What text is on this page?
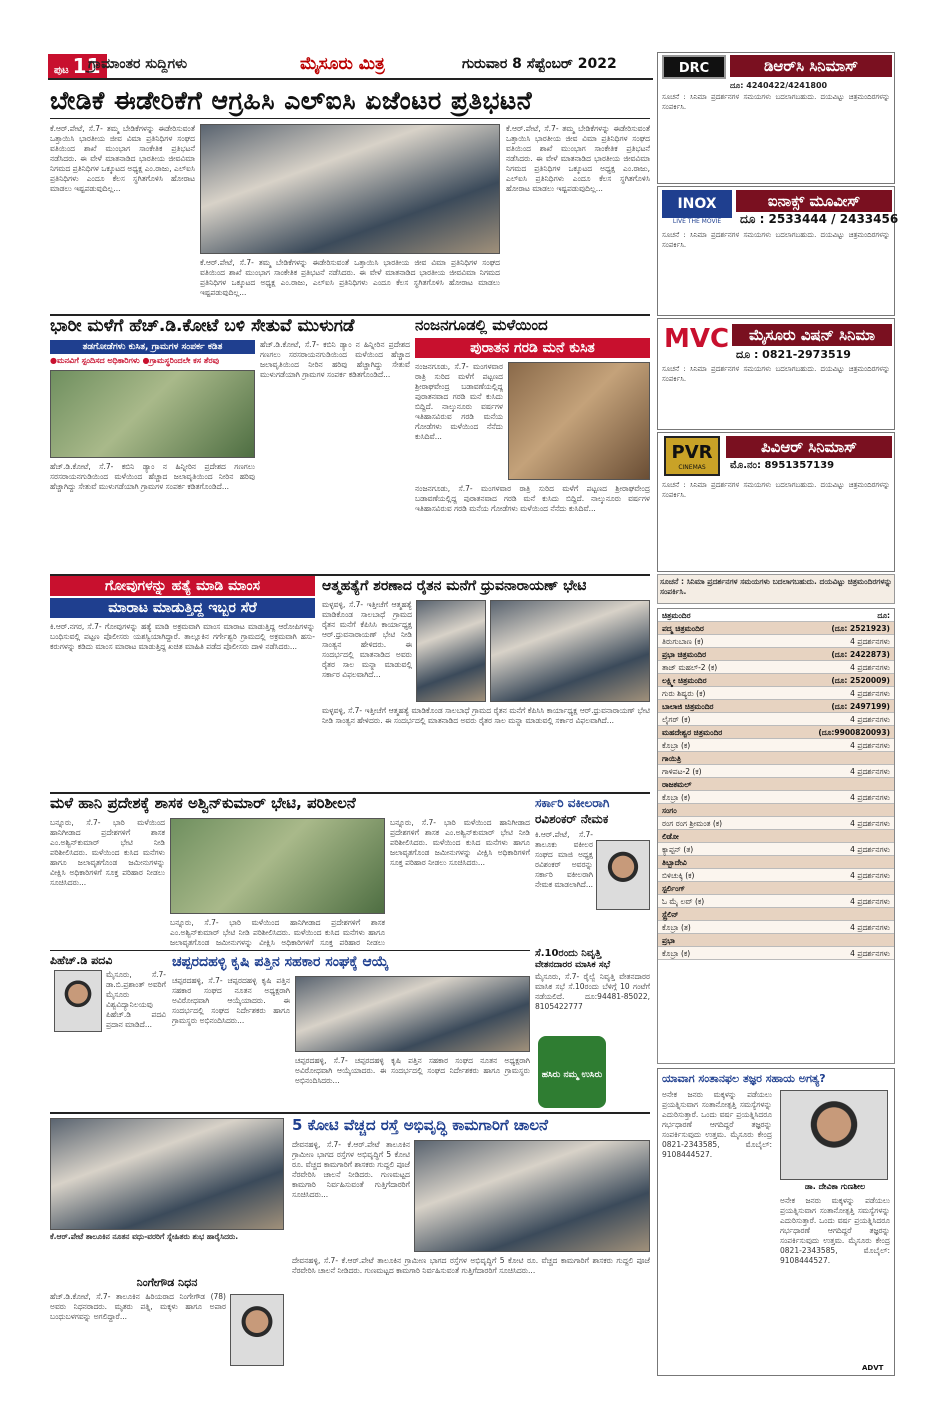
ಪುಟ 11
ಗ್ರಾಮಾಂತರ ಸುದ್ದಿಗಳು	ಮೈಸೂರು ಮಿತ್ರ	ಗುರುವಾರ 8 ಸೆಪ್ಟೆಂಬರ್ 2022
ಬೇಡಿಕೆ ಈಡೇರಿಕೆಗೆ ಆಗ್ರಹಿಸಿ ಎಲ್‌ಐಸಿ ಏಜೆಂಟರ ಪ್ರತಿಭಟನೆ
ಕೆ.ಆರ್.ಪೇಟೆ, ಸೆ.7- ತಮ್ಮ ಬೇಡಿಕೆಗಳನ್ನು ಈಡೇರಿಸುವಂತೆ ಒತ್ತಾಯಿಸಿ ಭಾರತೀಯ ಜೀವ ವಿಮಾ ಪ್ರತಿನಿಧಿಗಳ ಸಂಘದ ವತಿಯಿಂದ ಶಾಖೆ ಮುಂಭಾಗ ಸಾಂಕೇತಿಕ ಪ್ರತಿಭಟನೆ ನಡೆಸಿದರು. ಈ ವೇಳೆ ಮಾತನಾಡಿದ ಭಾರತೀಯ ಜೀವವಿಮಾ ನಿಗಮದ ಪ್ರತಿನಿಧಿಗಳ ಒಕ್ಕೂಟದ ಅಧ್ಯಕ್ಷ ಎಂ.ರಾಜು, ಎಲ್‌ಐಸಿ ಪ್ರತಿನಿಧಿಗಳು ಎಂದೂ ಕೆಲಸ ಸ್ಥಗಿತಗೊಳಿಸಿ ಹೋರಾಟ ಮಾಡಲು ಇಷ್ಟಪಡುವುದಿಲ್ಲ...
ಕೆ.ಆರ್.ಪೇಟೆ, ಸೆ.7- ತಮ್ಮ ಬೇಡಿಕೆಗಳನ್ನು ಈಡೇರಿಸುವಂತೆ ಒತ್ತಾಯಿಸಿ ಭಾರತೀಯ ಜೀವ ವಿಮಾ ಪ್ರತಿನಿಧಿಗಳ ಸಂಘದ ವತಿಯಿಂದ ಶಾಖೆ ಮುಂಭಾಗ ಸಾಂಕೇತಿಕ ಪ್ರತಿಭಟನೆ ನಡೆಸಿದರು. ಈ ವೇಳೆ ಮಾತನಾಡಿದ ಭಾರತೀಯ ಜೀವವಿಮಾ ನಿಗಮದ ಪ್ರತಿನಿಧಿಗಳ ಒಕ್ಕೂಟದ ಅಧ್ಯಕ್ಷ ಎಂ.ರಾಜು, ಎಲ್‌ಐಸಿ ಪ್ರತಿನಿಧಿಗಳು ಎಂದೂ ಕೆಲಸ ಸ್ಥಗಿತಗೊಳಿಸಿ ಹೋರಾಟ ಮಾಡಲು ಇಷ್ಟಪಡುವುದಿಲ್ಲ...
ಕೆ.ಆರ್.ಪೇಟೆ, ಸೆ.7- ತಮ್ಮ ಬೇಡಿಕೆಗಳನ್ನು ಈಡೇರಿಸುವಂತೆ ಒತ್ತಾಯಿಸಿ ಭಾರತೀಯ ಜೀವ ವಿಮಾ ಪ್ರತಿನಿಧಿಗಳ ಸಂಘದ ವತಿಯಿಂದ ಶಾಖೆ ಮುಂಭಾಗ ಸಾಂಕೇತಿಕ ಪ್ರತಿಭಟನೆ ನಡೆಸಿದರು. ಈ ವೇಳೆ ಮಾತನಾಡಿದ ಭಾರತೀಯ ಜೀವವಿಮಾ ನಿಗಮದ ಪ್ರತಿನಿಧಿಗಳ ಒಕ್ಕೂಟದ ಅಧ್ಯಕ್ಷ ಎಂ.ರಾಜು, ಎಲ್‌ಐಸಿ ಪ್ರತಿನಿಧಿಗಳು ಎಂದೂ ಕೆಲಸ ಸ್ಥಗಿತಗೊಳಿಸಿ ಹೋರಾಟ ಮಾಡಲು ಇಷ್ಟಪಡುವುದಿಲ್ಲ...
ಭಾರೀ ಮಳೆಗೆ ಹೆಚ್.ಡಿ.ಕೋಟೆ ಬಳಿ ಸೇತುವೆ ಮುಳುಗಡೆ
ತಡಗೋಡೆಗಳು ಕುಸಿತ, ಗ್ರಾಮಗಳ ಸಂಪರ್ಕ ಕಡಿತ
●ಮನವಿಗೆ ಸ್ಪಂದಿಸದ ಅಧಿಕಾರಿಗಳು ●ಗ್ರಾಮಸ್ಥರಿಂದಲೇ ಕಸ ತೆರವು
ಹೆಚ್.ಡಿ.ಕೋಟೆ, ಸೆ.7- ಕಬಿನಿ ಡ್ಯಾಂ ನ ಹಿನ್ನೀರಿನ ಪ್ರದೇಶದ ಗಣಗಲು ಸರಸರಾಯನಗುಡಿಯಿಂದ ಮಳೆಯಿಂದ ಹೆಚ್ಚಾದ ಜಲಾವೃತಿಯಿಂದ ನೀರಿನ ಹರಿವು ಹೆಚ್ಚಾಗಿದ್ದು ಸೇತುವೆ ಮುಳುಗಡೆಯಾಗಿ ಗ್ರಾಮಗಳ ಸಂಪರ್ಕ ಕಡಿತಗೊಂಡಿದೆ...
ಹೆಚ್.ಡಿ.ಕೋಟೆ, ಸೆ.7- ಕಬಿನಿ ಡ್ಯಾಂ ನ ಹಿನ್ನೀರಿನ ಪ್ರದೇಶದ ಗಣಗಲು ಸರಸರಾಯನಗುಡಿಯಿಂದ ಮಳೆಯಿಂದ ಹೆಚ್ಚಾದ ಜಲಾವೃತಿಯಿಂದ ನೀರಿನ ಹರಿವು ಹೆಚ್ಚಾಗಿದ್ದು ಸೇತುವೆ ಮುಳುಗಡೆಯಾಗಿ ಗ್ರಾಮಗಳ ಸಂಪರ್ಕ ಕಡಿತಗೊಂಡಿದೆ...
ನಂಜನಗೂಡಲ್ಲಿ ಮಳೆಯಿಂದ
ಪುರಾತನ ಗರಡಿ ಮನೆ ಕುಸಿತ
ನಂಜನಗೂಡು, ಸೆ.7- ಮಂಗಳವಾರ ರಾತ್ರಿ ಸುರಿದ ಮಳೆಗೆ ಪಟ್ಟಣದ ಶ್ರೀರಾಘವೇಂದ್ರ ಬಡಾವಣೆಯಲ್ಲಿದ್ದ ಪುರಾತನವಾದ ಗರಡಿ ಮನೆ ಕುಸಿದು ಬಿದ್ದಿದೆ. ನಾಲ್ಕುನೂರು ವರ್ಷಗಳ ಇತಿಹಾಸವಿರುವ ಗರಡಿ ಮನೆಯ ಗೋಡೆಗಳು ಮಳೆಯಿಂದ ನೆನೆದು ಕುಸಿದಿವೆ...
ನಂಜನಗೂಡು, ಸೆ.7- ಮಂಗಳವಾರ ರಾತ್ರಿ ಸುರಿದ ಮಳೆಗೆ ಪಟ್ಟಣದ ಶ್ರೀರಾಘವೇಂದ್ರ ಬಡಾವಣೆಯಲ್ಲಿದ್ದ ಪುರಾತನವಾದ ಗರಡಿ ಮನೆ ಕುಸಿದು ಬಿದ್ದಿದೆ. ನಾಲ್ಕುನೂರು ವರ್ಷಗಳ ಇತಿಹಾಸವಿರುವ ಗರಡಿ ಮನೆಯ ಗೋಡೆಗಳು ಮಳೆಯಿಂದ ನೆನೆದು ಕುಸಿದಿವೆ...
ಗೋವುಗಳನ್ನು ಹತ್ಯೆ ಮಾಡಿ ಮಾಂಸ
ಮಾರಾಟ ಮಾಡುತ್ತಿದ್ದ ಇಬ್ಬರ ಸೆರೆ
ಕಿ.ಆರ್.ನಗರ, ಸೆ.7- ಗೋವುಗಳನ್ನು ಹತ್ಯೆ ಮಾಡಿ ಅಕ್ರಮವಾಗಿ ಮಾಂಸ ಮಾರಾಟ ಮಾಡುತ್ತಿದ್ದ ಆರೋಪಿಗಳನ್ನು ಬಂಧಿಸುವಲ್ಲಿ ಪಟ್ಟಣ ಪೊಲೀಸರು ಯಶಸ್ವಿಯಾಗಿದ್ದಾರೆ. ತಾಲ್ಲೂಕಿನ ಗರ್ಗೇಶ್ವರಿ ಗ್ರಾಮದಲ್ಲಿ ಅಕ್ರಮವಾಗಿ ಹಸು-ಕರುಗಳನ್ನು ಕಡಿದು ಮಾಂಸ ಮಾರಾಟ ಮಾಡುತ್ತಿದ್ದ ಖಚಿತ ಮಾಹಿತಿ ಪಡೆದ ಪೊಲೀಸರು ದಾಳಿ ನಡೆಸಿದರು...
ಆತ್ಮಹತ್ಯೆಗೆ ಶರಣಾದ ರೈತನ ಮನೆಗೆ ಧ್ರುವನಾರಾಯಣ್ ಭೇಟಿ
ಮಳ್ಳವಳ್ಳಿ, ಸೆ.7- ಇತ್ತೀಚೆಗೆ ಆತ್ಮಹತ್ಯೆ ಮಾಡಿಕೊಂಡ ಸಾಲಬಾಧೆ ಗ್ರಾಮದ ರೈತನ ಮನೆಗೆ ಕೆಪಿಸಿಸಿ ಕಾರ್ಯಾಧ್ಯಕ್ಷ ಆರ್.ಧ್ರುವನಾರಾಯಣ್ ಭೇಟಿ ನೀಡಿ ಸಾಂತ್ವನ ಹೇಳಿದರು. ಈ ಸಂದರ್ಭದಲ್ಲಿ ಮಾತನಾಡಿದ ಅವರು ರೈತರ ಸಾಲ ಮನ್ನಾ ಮಾಡುವಲ್ಲಿ ಸರ್ಕಾರ ವಿಫಲವಾಗಿದೆ...
ಮಳ್ಳವಳ್ಳಿ, ಸೆ.7- ಇತ್ತೀಚೆಗೆ ಆತ್ಮಹತ್ಯೆ ಮಾಡಿಕೊಂಡ ಸಾಲಬಾಧೆ ಗ್ರಾಮದ ರೈತನ ಮನೆಗೆ ಕೆಪಿಸಿಸಿ ಕಾರ್ಯಾಧ್ಯಕ್ಷ ಆರ್.ಧ್ರುವನಾರಾಯಣ್ ಭೇಟಿ ನೀಡಿ ಸಾಂತ್ವನ ಹೇಳಿದರು. ಈ ಸಂದರ್ಭದಲ್ಲಿ ಮಾತನಾಡಿದ ಅವರು ರೈತರ ಸಾಲ ಮನ್ನಾ ಮಾಡುವಲ್ಲಿ ಸರ್ಕಾರ ವಿಫಲವಾಗಿದೆ...
ಮಳೆ ಹಾನಿ ಪ್ರದೇಶಕ್ಕೆ ಶಾಸಕ ಅಶ್ವಿನ್‌ಕುಮಾರ್ ಭೇಟಿ, ಪರಿಶೀಲನೆ
ಬನ್ನೂರು, ಸೆ.7- ಭಾರಿ ಮಳೆಯಿಂದ ಹಾನಿಗೀಡಾದ ಪ್ರದೇಶಗಳಿಗೆ ಶಾಸಕ ಎಂ.ಅಶ್ವಿನ್‌ಕುಮಾರ್ ಭೇಟಿ ನೀಡಿ ಪರಿಶೀಲಿಸಿದರು. ಮಳೆಯಿಂದ ಕುಸಿದ ಮನೆಗಳು ಹಾಗೂ ಜಲಾವೃತಗೊಂಡ ಜಮೀನುಗಳನ್ನು ವೀಕ್ಷಿಸಿ ಅಧಿಕಾರಿಗಳಿಗೆ ಸೂಕ್ತ ಪರಿಹಾರ ನೀಡಲು ಸೂಚಿಸಿದರು...
ಬನ್ನೂರು, ಸೆ.7- ಭಾರಿ ಮಳೆಯಿಂದ ಹಾನಿಗೀಡಾದ ಪ್ರದೇಶಗಳಿಗೆ ಶಾಸಕ ಎಂ.ಅಶ್ವಿನ್‌ಕುಮಾರ್ ಭೇಟಿ ನೀಡಿ ಪರಿಶೀಲಿಸಿದರು. ಮಳೆಯಿಂದ ಕುಸಿದ ಮನೆಗಳು ಹಾಗೂ ಜಲಾವೃತಗೊಂಡ ಜಮೀನುಗಳನ್ನು ವೀಕ್ಷಿಸಿ ಅಧಿಕಾರಿಗಳಿಗೆ ಸೂಕ್ತ ಪರಿಹಾರ ನೀಡಲು
ಬನ್ನೂರು, ಸೆ.7- ಭಾರಿ ಮಳೆಯಿಂದ ಹಾನಿಗೀಡಾದ ಪ್ರದೇಶಗಳಿಗೆ ಶಾಸಕ ಎಂ.ಅಶ್ವಿನ್‌ಕುಮಾರ್ ಭೇಟಿ ನೀಡಿ ಪರಿಶೀಲಿಸಿದರು. ಮಳೆಯಿಂದ ಕುಸಿದ ಮನೆಗಳು ಹಾಗೂ ಜಲಾವೃತಗೊಂಡ ಜಮೀನುಗಳನ್ನು ವೀಕ್ಷಿಸಿ ಅಧಿಕಾರಿಗಳಿಗೆ ಸೂಕ್ತ ಪರಿಹಾರ ನೀಡಲು ಸೂಚಿಸಿದರು...
ಸರ್ಕಾರಿ ವಕೀಲರಾಗಿ
ರವಿಶಂಕರ್ ನೇಮಕ
ಕಿ.ಆರ್.ಪೇಟೆ, ಸೆ.7- ತಾಲೂಕು ವಕೀಲರ ಸಂಘದ ಮಾಜಿ ಅಧ್ಯಕ್ಷ ರವಿಶಂಕರ್ ಅವರನ್ನು ಸರ್ಕಾರಿ ವಕೀಲರಾಗಿ ನೇಮಕ ಮಾಡಲಾಗಿದೆ...
ಸೆ.10ರಂದು ನಿವೃತ್ತಿ
ವೇತನದಾರರ ಮಾಸಿಕ ಸಭೆ
ಮೈಸೂರು, ಸೆ.7- ರೈಲ್ವೆ ನಿವೃತ್ತಿ ವೇತನದಾರರ ಮಾಸಿಕ ಸಭೆ ಸೆ.10ರಂದು ಬೆಳಿಗ್ಗೆ 10 ಗಂಟೆಗೆ ನಡೆಯಲಿದೆ. ದೂ:94481-85022, 8105422777
ಹಸಿರು ನಮ್ಮ ಉಸಿರು
ಪಿಹೆಚ್.ಡಿ ಪದವಿ
ಮೈಸೂರು, ಸೆ.7- ಡಾ.ಬಿ.ಪ್ರಶಾಂತ್ ಅವರಿಗೆ ಮೈಸೂರು ವಿಶ್ವವಿದ್ಯಾನಿಲಯವು ಪಿಹೆಚ್.ಡಿ ಪದವಿ ಪ್ರದಾನ ಮಾಡಿದೆ...
ಚಪ್ಪರದಹಳ್ಳಿ ಕೃಷಿ ಪತ್ತಿನ ಸಹಕಾರ ಸಂಘಕ್ಕೆ ಆಯ್ಕೆ
ಚಪ್ಪರದಹಳ್ಳಿ, ಸೆ.7- ಚಪ್ಪರದಹಳ್ಳಿ ಕೃಷಿ ಪತ್ತಿನ ಸಹಕಾರ ಸಂಘದ ನೂತನ ಅಧ್ಯಕ್ಷರಾಗಿ ಅವಿರೋಧವಾಗಿ ಆಯ್ಕೆಯಾದರು. ಈ ಸಂದರ್ಭದಲ್ಲಿ ಸಂಘದ ನಿರ್ದೇಶಕರು ಹಾಗೂ ಗ್ರಾಮಸ್ಥರು ಅಭಿನಂದಿಸಿದರು...
ಚಪ್ಪರದಹಳ್ಳಿ, ಸೆ.7- ಚಪ್ಪರದಹಳ್ಳಿ ಕೃಷಿ ಪತ್ತಿನ ಸಹಕಾರ ಸಂಘದ ನೂತನ ಅಧ್ಯಕ್ಷರಾಗಿ ಅವಿರೋಧವಾಗಿ ಆಯ್ಕೆಯಾದರು. ಈ ಸಂದರ್ಭದಲ್ಲಿ ಸಂಘದ ನಿರ್ದೇಶಕರು ಹಾಗೂ ಗ್ರಾಮಸ್ಥರು ಅಭಿನಂದಿಸಿದರು...
ಕೆ.ಆರ್.ಪೇಟೆ ತಾಲೂಕಿನ ನೂತನ ವಧು-ವರರಿಗೆ ಸ್ನೇಹಿತರು ಶುಭ ಹಾರೈಸಿದರು.
ನಿಂಗೇಗೌಡ ನಿಧನ
ಹೆಚ್.ಡಿ.ಕೋಟೆ, ಸೆ.7- ತಾಲೂಕಿನ ಹಿರಿಯರಾದ ನಿಂಗೇಗೌಡ (78) ಅವರು ನಿಧನರಾದರು. ಮೃತರು ಪತ್ನಿ, ಮಕ್ಕಳು ಹಾಗೂ ಅಪಾರ ಬಂಧುಬಳಗವನ್ನು ಅಗಲಿದ್ದಾರೆ...
5 ಕೋಟಿ ವೆಚ್ಚದ ರಸ್ತೆ ಅಭಿವೃದ್ಧಿ ಕಾಮಗಾರಿಗೆ ಚಾಲನೆ
ದೇವನಹಳ್ಳಿ, ಸೆ.7- ಕೆ.ಆರ್.ಪೇಟೆ ತಾಲೂಕಿನ ಗ್ರಾಮೀಣ ಭಾಗದ ರಸ್ತೆಗಳ ಅಭಿವೃದ್ಧಿಗೆ 5 ಕೋಟಿ ರೂ. ವೆಚ್ಚದ ಕಾಮಗಾರಿಗೆ ಶಾಸಕರು ಗುದ್ದಲಿ ಪೂಜೆ ನೆರವೇರಿಸಿ ಚಾಲನೆ ನೀಡಿದರು. ಗುಣಮಟ್ಟದ ಕಾಮಗಾರಿ ನಿರ್ವಹಿಸುವಂತೆ ಗುತ್ತಿಗೆದಾರರಿಗೆ ಸೂಚಿಸಿದರು...
ದೇವನಹಳ್ಳಿ, ಸೆ.7- ಕೆ.ಆರ್.ಪೇಟೆ ತಾಲೂಕಿನ ಗ್ರಾಮೀಣ ಭಾಗದ ರಸ್ತೆಗಳ ಅಭಿವೃದ್ಧಿಗೆ 5 ಕೋಟಿ ರೂ. ವೆಚ್ಚದ ಕಾಮಗಾರಿಗೆ ಶಾಸಕರು ಗುದ್ದಲಿ ಪೂಜೆ ನೆರವೇರಿಸಿ ಚಾಲನೆ ನೀಡಿದರು. ಗುಣಮಟ್ಟದ ಕಾಮಗಾರಿ ನಿರ್ವಹಿಸುವಂತೆ ಗುತ್ತಿಗೆದಾರರಿಗೆ ಸೂಚಿಸಿದರು...
ಯಾವಾಗ ಸಂತಾನಫಲ ತಜ್ಞರ ಸಹಾಯ ಅಗತ್ಯ?
ಅನೇಕ ಜನರು ಮಕ್ಕಳನ್ನು ಪಡೆಯಲು ಪ್ರಯತ್ನಿಸುವಾಗ ಸಂತಾನೋತ್ಪತ್ತಿ ಸಮಸ್ಯೆಗಳನ್ನು ಎದುರಿಸುತ್ತಾರೆ. ಒಂದು ವರ್ಷ ಪ್ರಯತ್ನಿಸಿದರೂ ಗರ್ಭಧಾರಣೆ ಆಗದಿದ್ದರೆ ತಜ್ಞರನ್ನು ಸಂಪರ್ಕಿಸುವುದು ಉತ್ತಮ. ಮೈಸೂರು ಕೇಂದ್ರ 0821-2343585, ಮೊಬೈಲ್: 9108444527.
ಡಾ. ದೇವಿಕಾ ಗುಣಶೀಲ
ಅನೇಕ ಜನರು ಮಕ್ಕಳನ್ನು ಪಡೆಯಲು ಪ್ರಯತ್ನಿಸುವಾಗ ಸಂತಾನೋತ್ಪತ್ತಿ ಸಮಸ್ಯೆಗಳನ್ನು ಎದುರಿಸುತ್ತಾರೆ. ಒಂದು ವರ್ಷ ಪ್ರಯತ್ನಿಸಿದರೂ ಗರ್ಭಧಾರಣೆ ಆಗದಿದ್ದರೆ ತಜ್ಞರನ್ನು ಸಂಪರ್ಕಿಸುವುದು ಉತ್ತಮ. ಮೈಸೂರು ಕೇಂದ್ರ 0821-2343585, ಮೊಬೈಲ್: 9108444527.
ADVT
DRC	ಡಿಆರ್‌ಸಿ ಸಿನಿಮಾಸ್
ದೂ: 4240422/4241800
ಸೂಚನೆ : ಸಿನಿಮಾ ಪ್ರದರ್ಶನಗಳ ಸಮಯಗಳು ಬದಲಾಗಬಹುದು. ದಯವಿಟ್ಟು ಚಿತ್ರಮಂದಿರಗಳನ್ನು ಸಂಪರ್ಕಿಸಿ.
INOX
LIVE THE MOVIE
ಐನಾಕ್ಸ್ ಮೂವೀಸ್
ದೂ : 2533444 / 2433456
ಸೂಚನೆ : ಸಿನಿಮಾ ಪ್ರದರ್ಶನಗಳ ಸಮಯಗಳು ಬದಲಾಗಬಹುದು. ದಯವಿಟ್ಟು ಚಿತ್ರಮಂದಿರಗಳನ್ನು ಸಂಪರ್ಕಿಸಿ.
MVC	ಮೈಸೂರು ವಿಷನ್ ಸಿನಿಮಾ
ದೂ : 0821-2973519
ಸೂಚನೆ : ಸಿನಿಮಾ ಪ್ರದರ್ಶನಗಳ ಸಮಯಗಳು ಬದಲಾಗಬಹುದು. ದಯವಿಟ್ಟು ಚಿತ್ರಮಂದಿರಗಳನ್ನು ಸಂಪರ್ಕಿಸಿ.
PVR
CINEMAS
ಪಿವಿಆರ್ ಸಿನಿಮಾಸ್
ಮೊ.ನಂ: 8951357139
ಸೂಚನೆ : ಸಿನಿಮಾ ಪ್ರದರ್ಶನಗಳ ಸಮಯಗಳು ಬದಲಾಗಬಹುದು. ದಯವಿಟ್ಟು ಚಿತ್ರಮಂದಿರಗಳನ್ನು ಸಂಪರ್ಕಿಸಿ.
ಸೂಚನೆ : ಸಿನಿಮಾ ಪ್ರದರ್ಶನಗಳ ಸಮಯಗಳು ಬದಲಾಗಬಹುದು. ದಯವಿಟ್ಟು ಚಿತ್ರಮಂದಿರಗಳನ್ನು ಸಂಪರ್ಕಿಸಿ.
ಚಿತ್ರಮಂದಿರ	ದೂ:
ಪದ್ಮ ಚಿತ್ರಮಂದಿರ	(ದೂ: 2521923)
ತಿರುಗುಬಾಣ (ಕ)	4 ಪ್ರದರ್ಶನಗಳು
ಪ್ರಭಾ ಚಿತ್ರಮಂದಿರ	(ದೂ: 2422873)
ತಾಜ್ ಮಹಲ್-2 (ಕ)	4 ಪ್ರದರ್ಶನಗಳು
ಲಕ್ಷ್ಮೀ ಚಿತ್ರಮಂದಿರ	(ದೂ: 2520009)
ಗುರು ಶಿಷ್ಯರು (ಕ)	4 ಪ್ರದರ್ಶನಗಳು
ಬಾಲಾಜಿ ಚಿತ್ರಮಂದಿರ	(ದೂ: 2497199)
ಲೈಗರ್ (ಕ)	4 ಪ್ರದರ್ಶನಗಳು
ಮಹದೇಶ್ವರ ಚಿತ್ರಮಂದಿರ	(ದೂ:9900820093)
ಕೊಬ್ರಾ (ಕ)	4 ಪ್ರದರ್ಶನಗಳು
ಗಾಯಿತ್ರಿ
ಗಾಳಿಪಟ-2 (ಕ)	4 ಪ್ರದರ್ಶನಗಳು
ರಾಜಕಮಲ್
ಕೊಬ್ರಾ (ಕ)	4 ಪ್ರದರ್ಶನಗಳು
ಸಂಗಂ
ರಂಗ ರಂಗ ಶ್ರೀಮಂತ (ಕ)	4 ಪ್ರದರ್ಶನಗಳು
ಲಿಡೋ
ಕ್ಯಾಪ್ಟನ್ (ತ)	4 ಪ್ರದರ್ಶನಗಳು
ತಿಬ್ಬಾದೇವಿ
ಬಿಳಿಚುಕ್ಕಿ (ಕ)	4 ಪ್ರದರ್ಶನಗಳು
ಸ್ಟರ್ಲಿಂಗ್
ಓ ಮೈ ಲವ್ (ಕ)	4 ಪ್ರದರ್ಶನಗಳು
ಸ್ಟ್ರೆಲಿನ್
ಕೊಬ್ರಾ (ತ)	4 ಪ್ರದರ್ಶನಗಳು
ಪ್ರಭಾ
ಕೊಬ್ರಾ (ಕ)	4 ಪ್ರದರ್ಶನಗಳು
